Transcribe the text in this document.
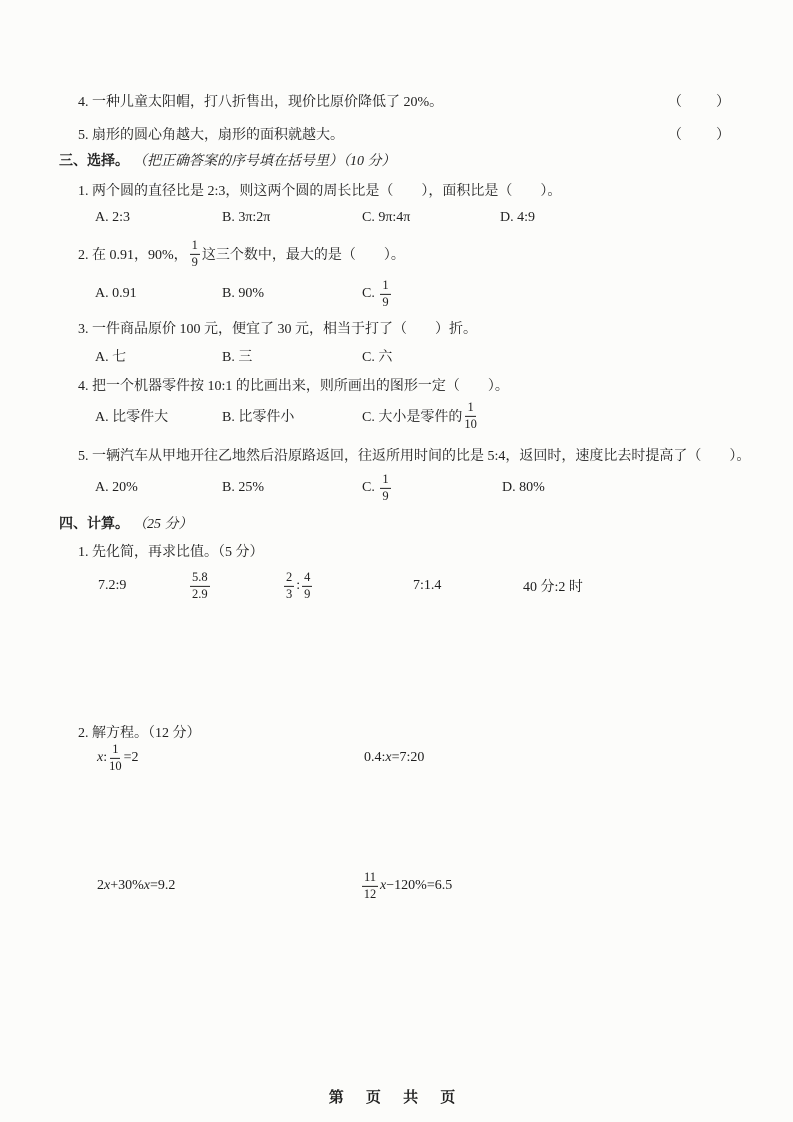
4. 一种儿童太阳帽，打八折售出，现价比原价降低了 20%。	（　　）
5. 扇形的圆心角越大，扇形的面积就越大。	（　　）
三、选择。 （把正确答案的序号填在括号里）（10 分）
1. 两个圆的直径比是 2:3，则这两个圆的周长比是（　　），面积比是（　　）。
A. 2:3	B. 3π:2π	C. 9π:4π	D. 4:9
2. 在 0.91，90%， $\frac{1}{9}$ 这三个数中，最大的是（　　）。
A. 0.91	B. 90%	C.
$\frac{1}{9}$
3. 一件商品原价 100 元，便宜了 30 元，相当于打了（　　）折。
A. 七	B. 三	C. 六
4. 把一个机器零件按 10:1 的比画出来，则所画出的图形一定（　　）。
A. 比零件大	B. 比零件小	C. 大小是零件的 $\frac{1}{10}$
5. 一辆汽车从甲地开往乙地然后沿原路返回，往返所用时间的比是 5:4，返回时，速度比去时提高了（　　）。
A. 20%	B. 25%	C.
$\frac{1}{9}$	D. 80%
四、计算。 （25 分）
1. 先化简，再求比值。（5 分）
7.2:9	$\frac{5.8}{2.9}$	$\frac{2}{3}$ : $\frac{4}{9}$	7:1.4	40 分:2 时
2. 解方程。（12 分）
x : $\frac{1}{10} =2$	0.4: x =7:20
2 x +30% x =9.2	$\frac{11}{12}$ x −120%=6.5
第 页 共 页
